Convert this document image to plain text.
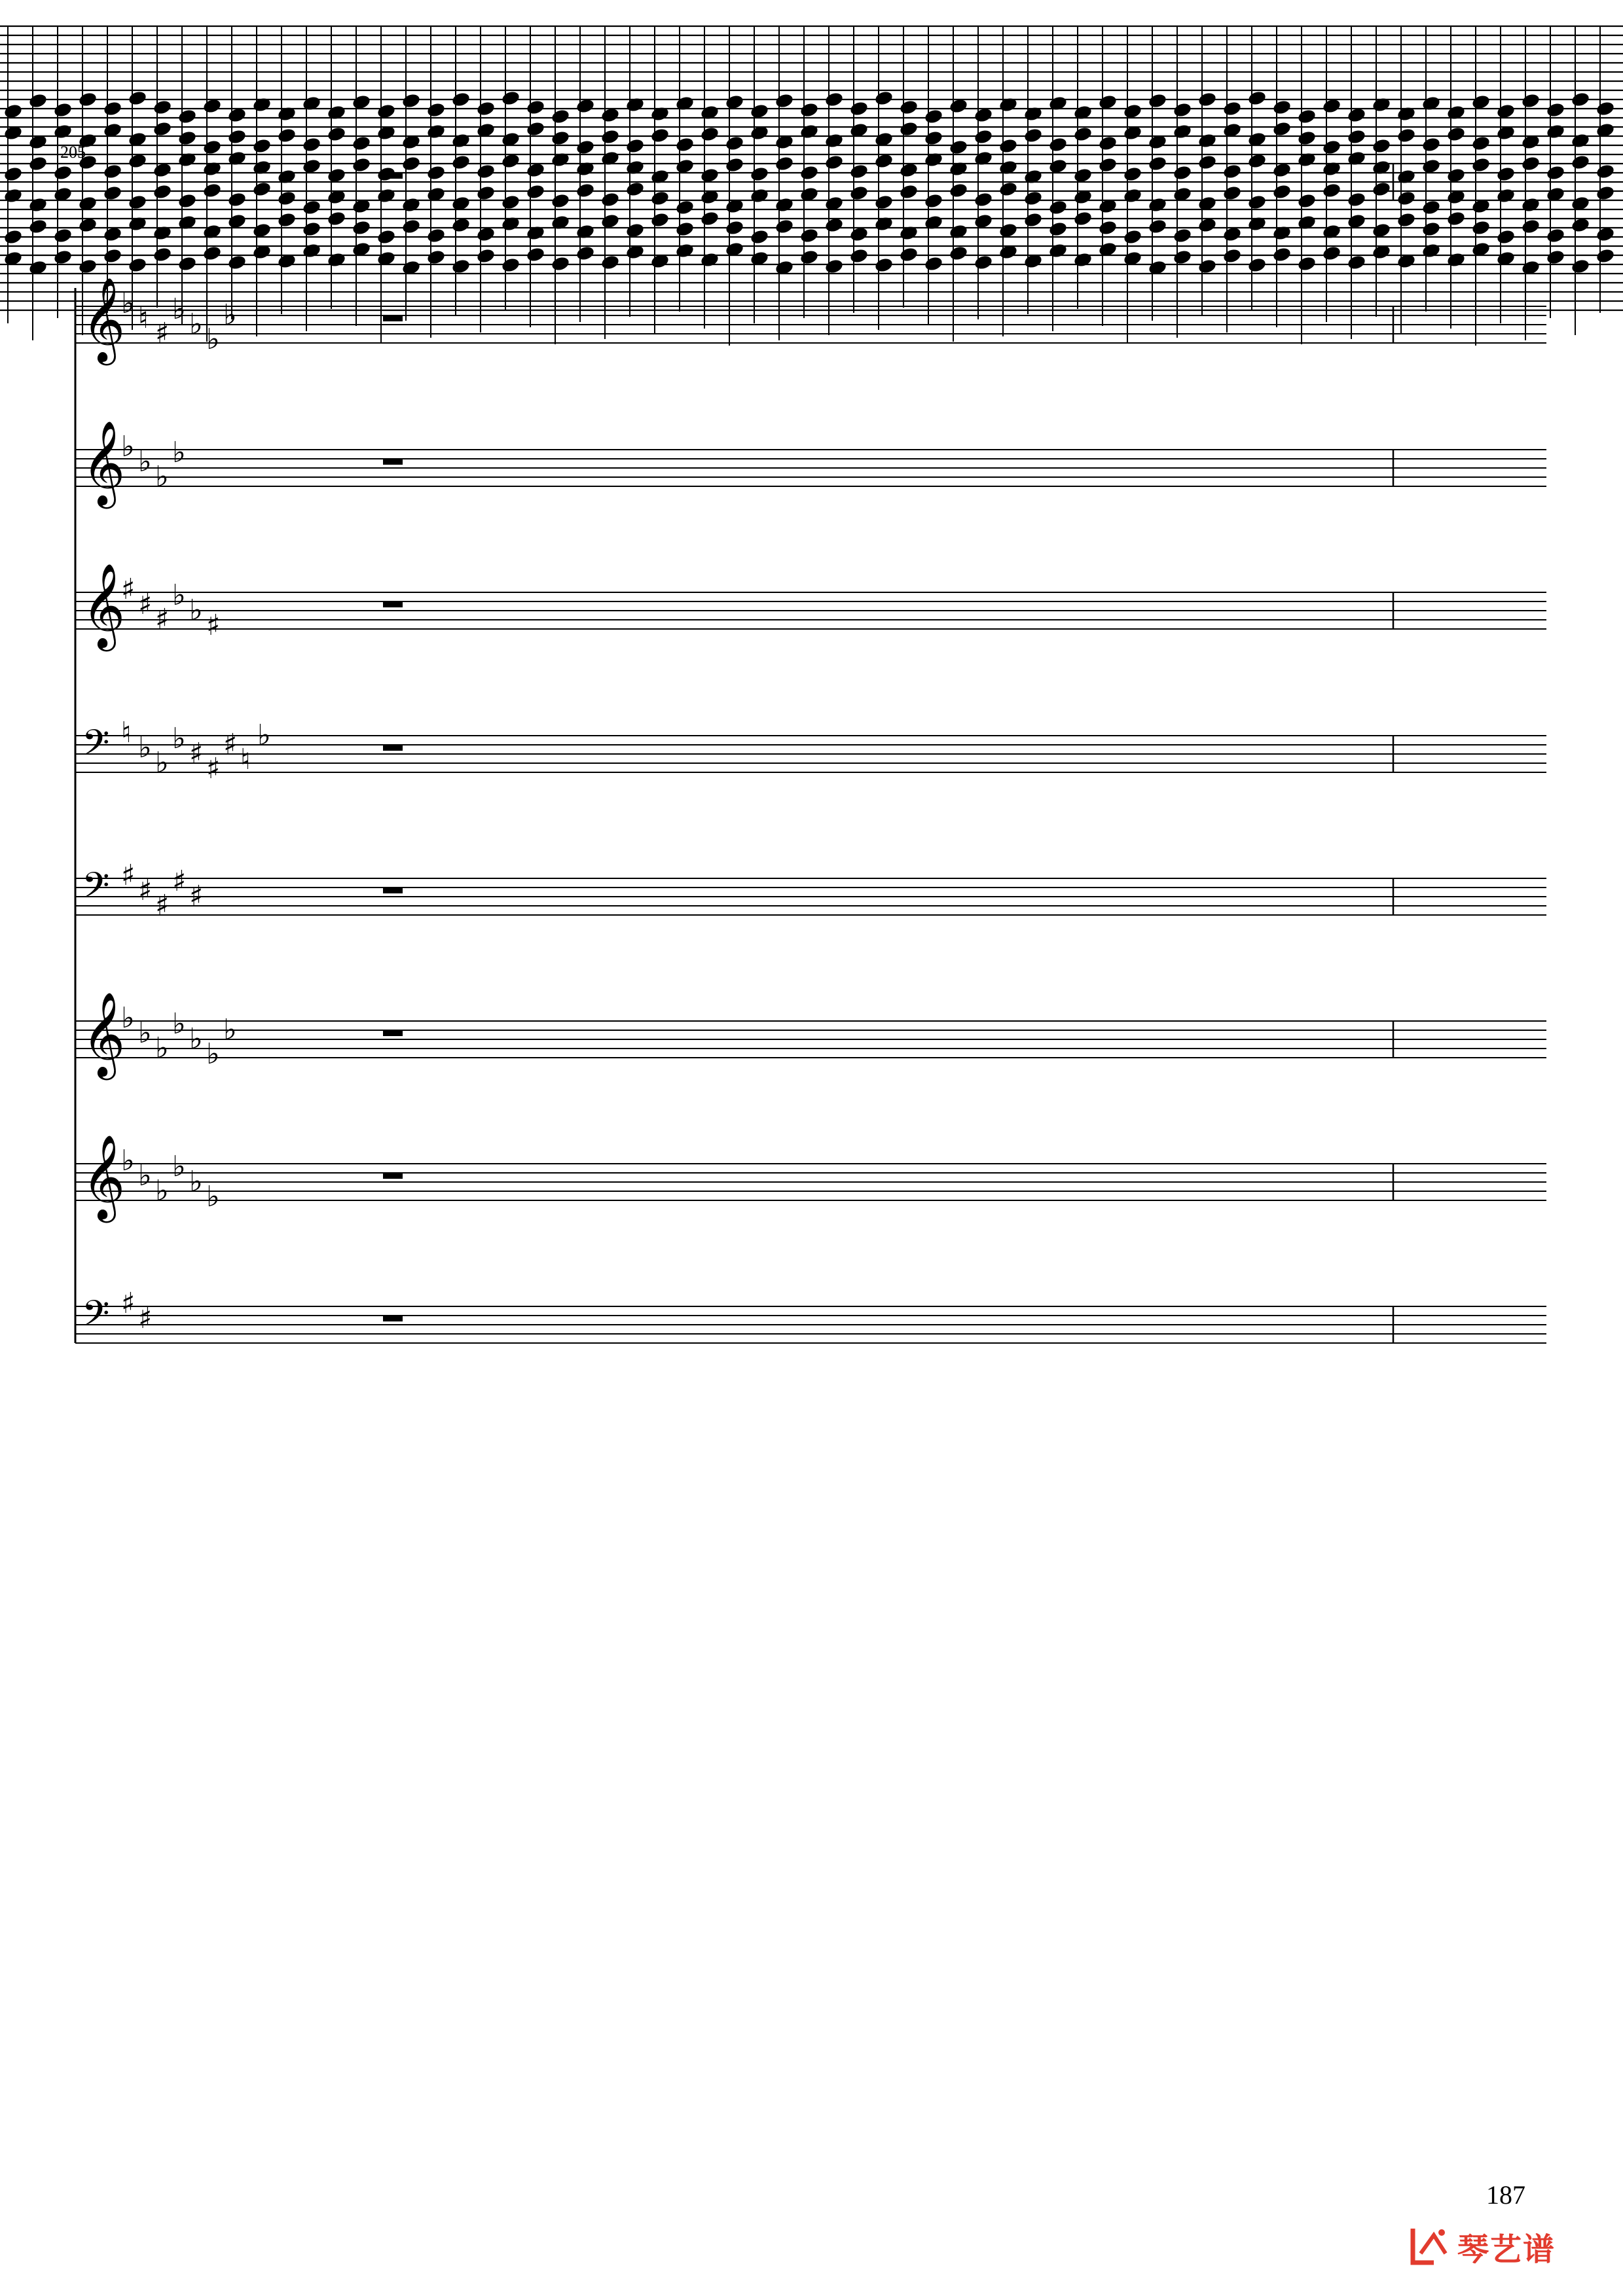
𝄞
♭ ♮ ♯
♭ ♭ ♭
♭
𝄞
♭ ♭ ♭
♭
𝄞
♯ ♯ ♯
♭ ♭ ♯
𝄢 ♮ ♭ ♭
♭ ♯ ♯
♯ ♮
♭
𝄢 ♯ ♯ ♯
♯ ♯
𝄞
♭ ♭ ♭
♭ ♭ ♭
♭
𝄞
♭ ♭ ♭
♭ ♭ ♭
𝄢 ♯ ♯
205
187
琴艺谱
